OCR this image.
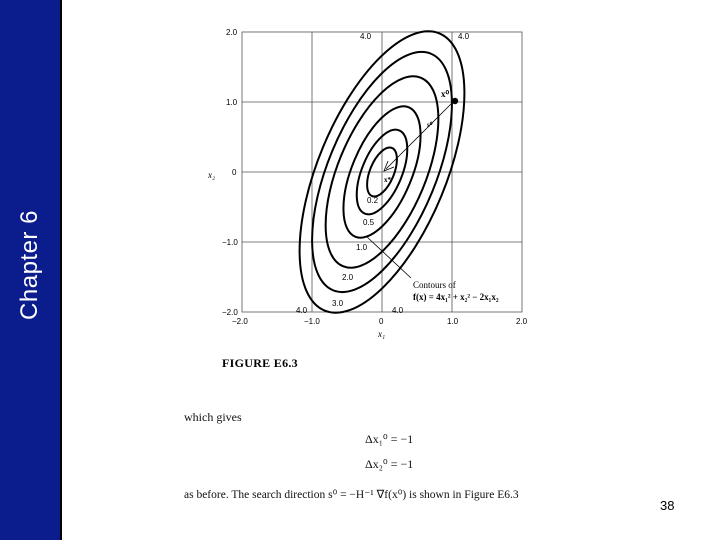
Chapter 6
−2.0	−1.0	0	1.0	2.0
2.0
1.0
0
−1.0
−2.0
x₂
x₁
4.0	4.0
0.2
0.5
1.0
2.0
3.0
4.0	4.0
x⁰
s⁰
x*
Contours of
f(x) = 4x₁² + x₂² − 2x₁x₂
FIGURE E6.3
which gives
Δx₁⁰ = −1
Δx₂⁰ = −1
as before. The search direction s⁰ = −H⁻¹ ∇f(x⁰) is shown in Figure E6.3
38
